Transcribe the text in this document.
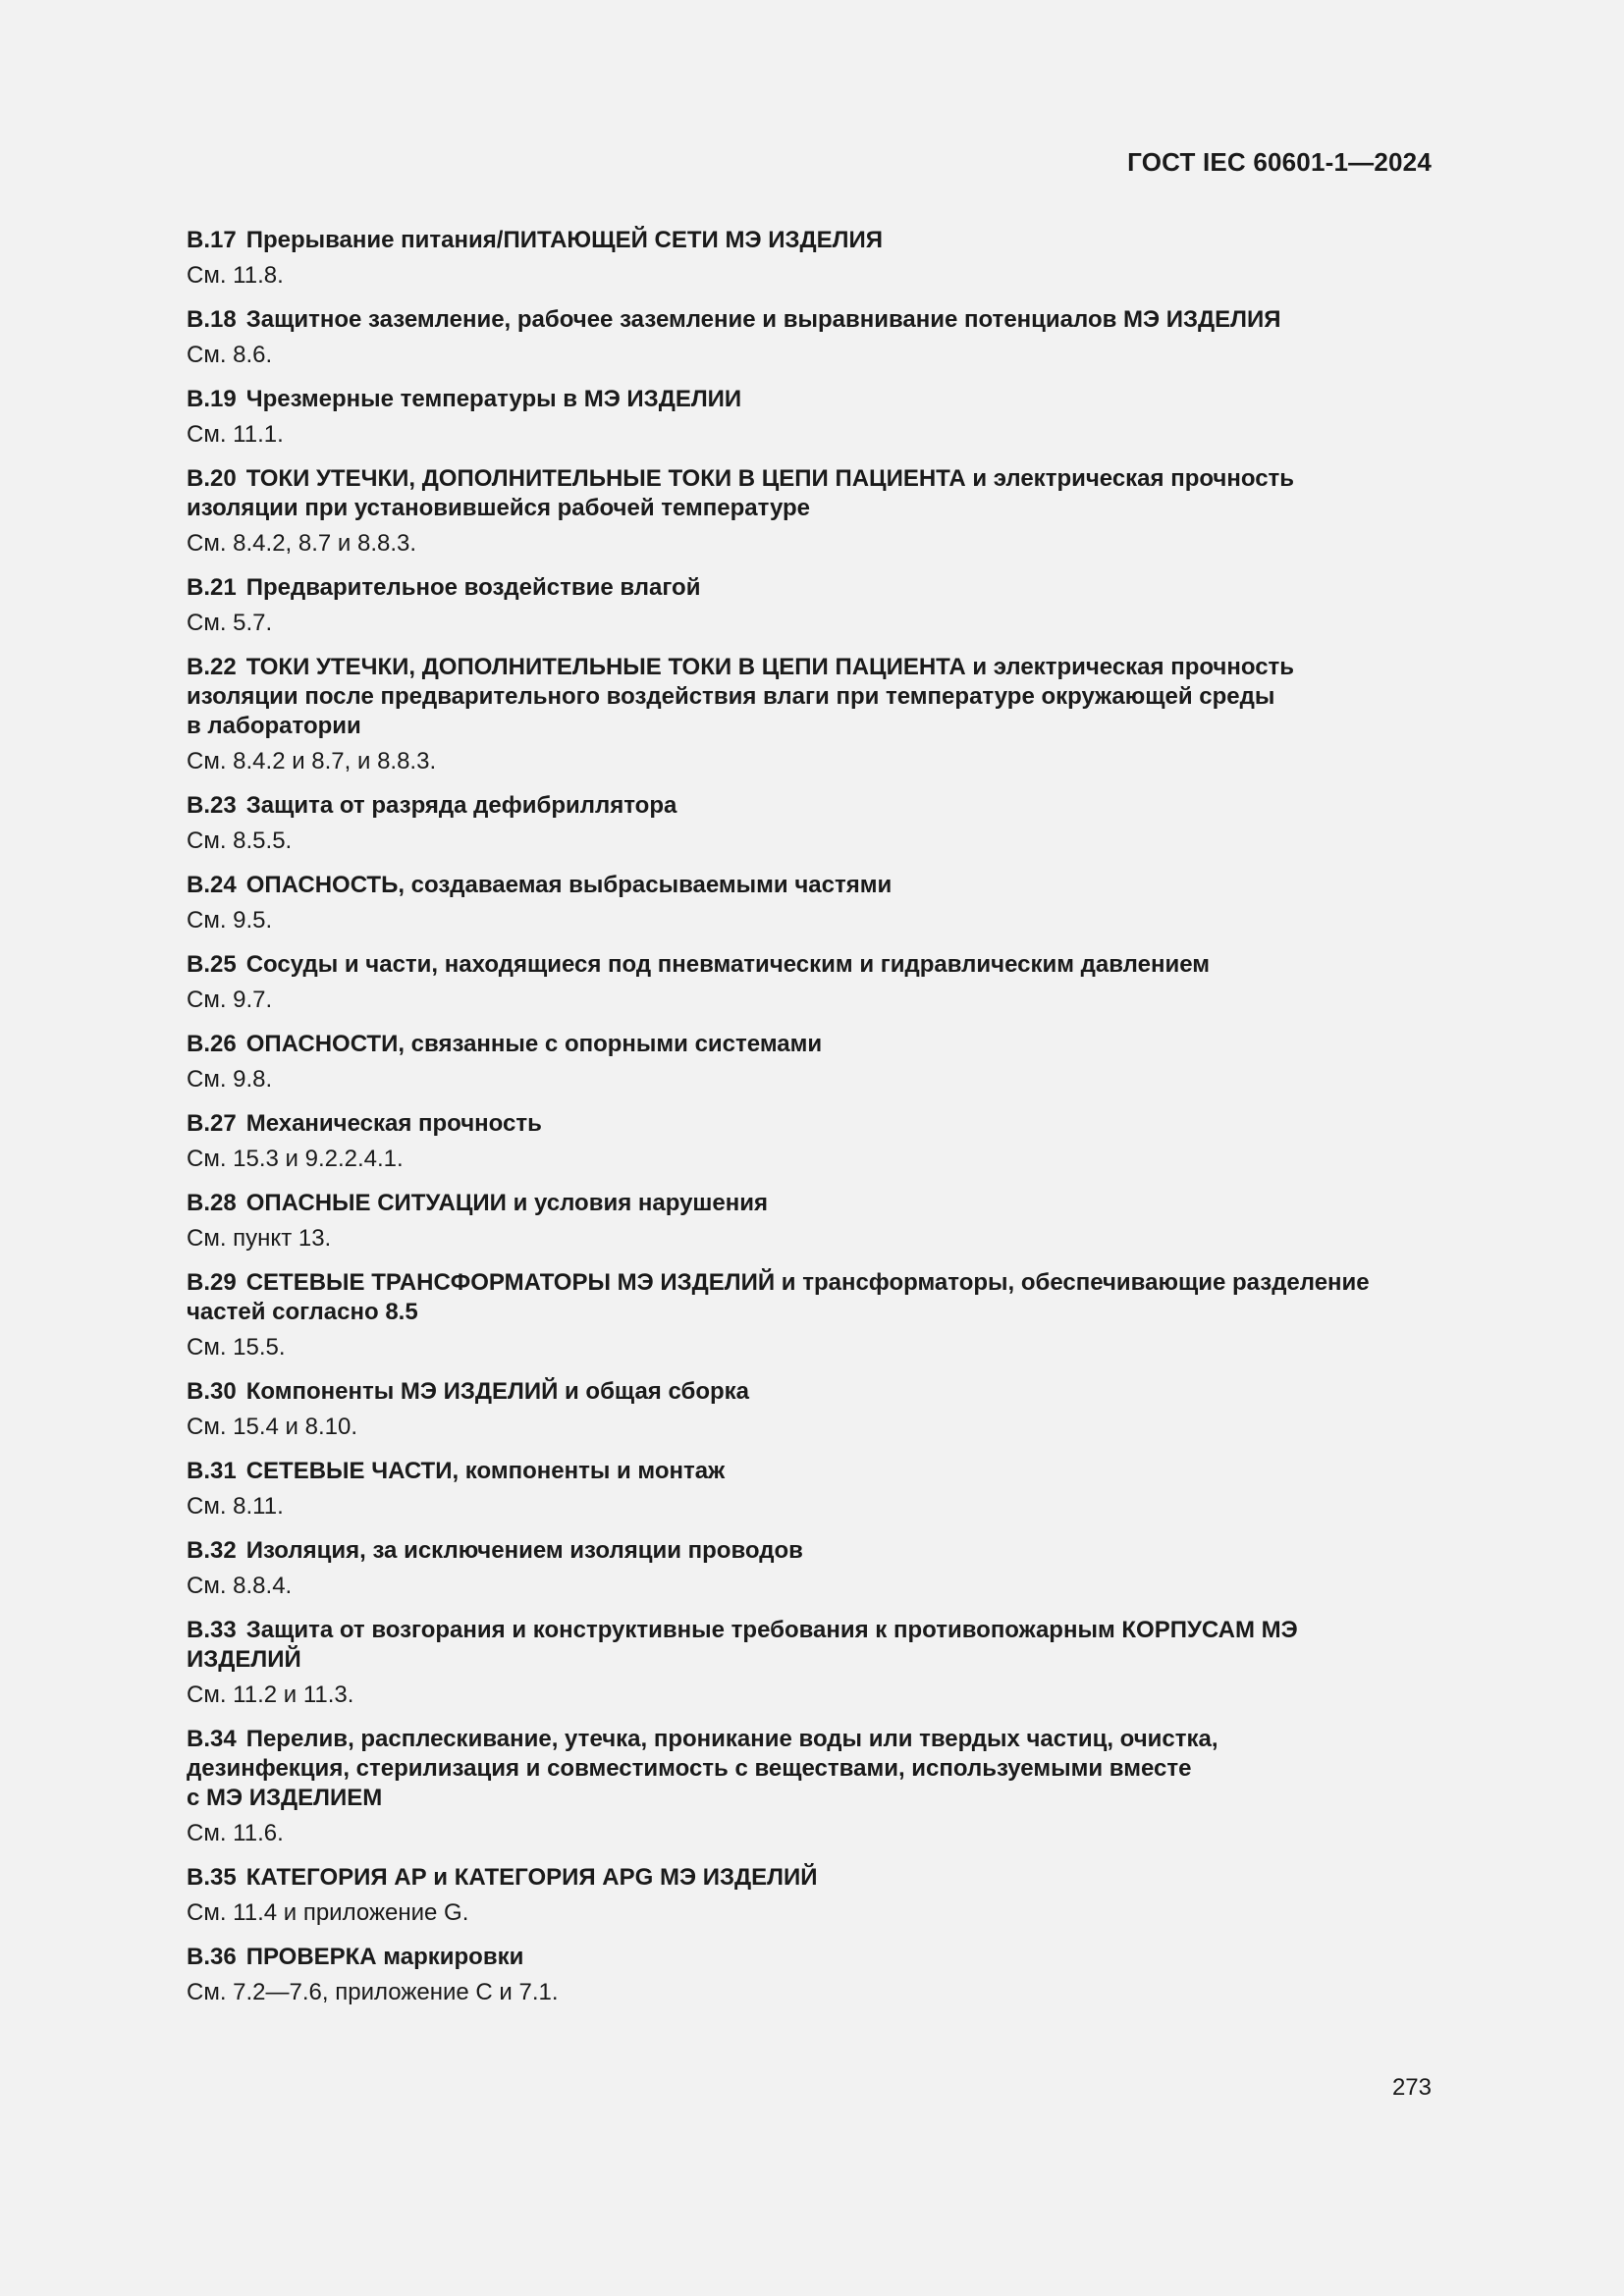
ГОСТ IEC 60601-1—2024
B.17 Прерывание питания/ПИТАЮЩЕЙ СЕТИ МЭ ИЗДЕЛИЯ
См. 11.8.
B.18 Защитное заземление, рабочее заземление и выравнивание потенциалов МЭ ИЗДЕЛИЯ
См. 8.6.
B.19 Чрезмерные температуры в МЭ ИЗДЕЛИИ
См. 11.1.
B.20 ТОКИ УТЕЧКИ, ДОПОЛНИТЕЛЬНЫЕ ТОКИ В ЦЕПИ ПАЦИЕНТА и электрическая прочность
изоляции при установившейся рабочей температуре
См. 8.4.2, 8.7 и 8.8.3.
B.21 Предварительное воздействие влагой
См. 5.7.
B.22 ТОКИ УТЕЧКИ, ДОПОЛНИТЕЛЬНЫЕ ТОКИ В ЦЕПИ ПАЦИЕНТА и электрическая прочность
изоляции после предварительного воздействия влаги при температуре окружающей среды
в лаборатории
См. 8.4.2 и 8.7, и 8.8.3.
B.23 Защита от разряда дефибриллятора
См. 8.5.5.
B.24 ОПАСНОСТЬ, создаваемая выбрасываемыми частями
См. 9.5.
B.25 Сосуды и части, находящиеся под пневматическим и гидравлическим давлением
См. 9.7.
B.26 ОПАСНОСТИ, связанные с опорными системами
См. 9.8.
B.27 Механическая прочность
См. 15.3 и 9.2.2.4.1.
B.28 ОПАСНЫЕ СИТУАЦИИ и условия нарушения
См. пункт 13.
B.29 СЕТЕВЫЕ ТРАНСФОРМАТОРЫ МЭ ИЗДЕЛИЙ и трансформаторы, обеспечивающие разделение
частей согласно 8.5
См. 15.5.
B.30 Компоненты МЭ ИЗДЕЛИЙ и общая сборка
См. 15.4 и 8.10.
B.31 СЕТЕВЫЕ ЧАСТИ, компоненты и монтаж
См. 8.11.
B.32 Изоляция, за исключением изоляции проводов
См. 8.8.4.
B.33 Защита от возгорания и конструктивные требования к противопожарным КОРПУСАМ МЭ
ИЗДЕЛИЙ
См. 11.2 и 11.3.
B.34 Перелив, расплескивание, утечка, проникание воды или твердых частиц, очистка,
дезинфекция, стерилизация и совместимость с веществами, используемыми вместе
с МЭ ИЗДЕЛИЕМ
См. 11.6.
B.35 КАТЕГОРИЯ АР и КАТЕГОРИЯ АРG МЭ ИЗДЕЛИЙ
См. 11.4 и приложение G.
B.36 ПРОВЕРКА маркировки
См. 7.2—7.6, приложение С и 7.1.
273
